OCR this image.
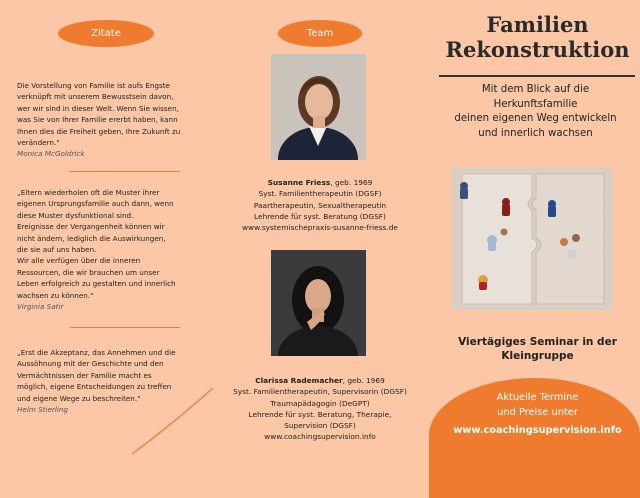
Zitate
Die Vorstellung von Familie ist aufs Engste
verknüpft mit unserem Bewusstsein davon,
wer wir sind in dieser Welt. Wenn Sie wissen,
was Sie von Ihrer Familie ererbt haben, kann
Ihnen dies die Freiheit geben, Ihre Zukunft zu
verändern."
Monica McGoldrick
„Eltern wiederholen oft die Muster ihrer
eigenen Ursprungsfamilie auch dann, wenn
diese Muster dysfunktional sind.
Ereignisse der Vergangenheit können wir
nicht ändern, lediglich die Auswirkungen,
die sie auf uns haben.
Wir alle verfügen über die inneren
Ressourcen, die wir brauchen um unser
Leben erfolgreich zu gestalten und innerlich
wachsen zu können."
Virginia Satir
„Erst die Akzeptanz, das Annehmen und die
Aussöhnung mit der Geschichte und den
Vermächtnissen der Familie macht es
möglich, eigene Entscheidungen zu treffen
und eigene Wege zu beschreiten."
Helm Stierling
Team
Susanne Friess, geb. 1969
Syst. Familientherapeutin (DGSF)
Paartherapeutin, Sexualtherapeutin
Lehrende für syst. Beratung (DGSF)
www.systemischepraxis-susanne-friess.de
Clarissa Rademacher, geb. 1969
Syst. Familientherapeutin, Supervisorin (DGSF)
Traumapädagogin (DeGPT)
Lehrende für syst. Beratung, Therapie,
Supervision (DGSF)
www.coachingsupervision.info
Familien
Rekonstruktion
Mit dem Blick auf die
Herkunftsfamilie
deinen eigenen Weg entwickeln
und innerlich wachsen
Viertägiges Seminar in der Kleingruppe
Aktuelle Termine
und Preise unter
www.coachingsupervision.info
